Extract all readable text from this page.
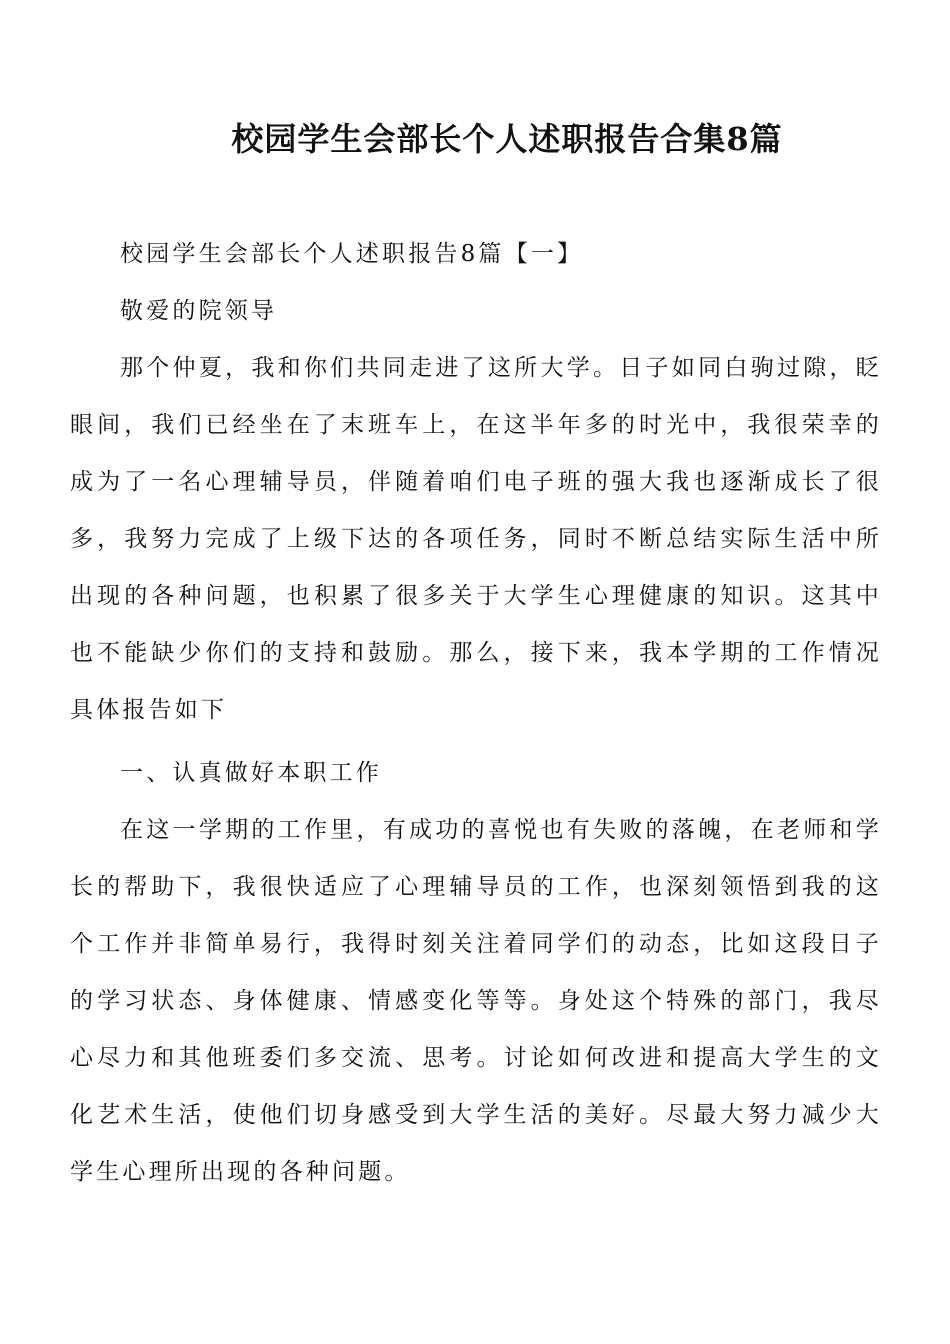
校园学生会部长个人述职报告合集8篇

校园学生会部长个人述职报告8篇【一】

敬爱的院领导

那个仲夏，我和你们共同走进了这所大学。日子如同白驹过隙，眨眼间，我们已经坐在了末班车上，在这半年多的时光中，我很荣幸的成为了一名心理辅导员，伴随着咱们电子班的强大我也逐渐成长了很多，我努力完成了上级下达的各项任务，同时不断总结实际生活中所出现的各种问题，也积累了很多关于大学生心理健康的知识。这其中也不能缺少你们的支持和鼓励。那么，接下来，我本学期的工作情况具体报告如下

一、认真做好本职工作

在这一学期的工作里，有成功的喜悦也有失败的落魄，在老师和学长的帮助下，我很快适应了心理辅导员的工作，也深刻领悟到我的这个工作并非简单易行，我得时刻关注着同学们的动态，比如这段日子的学习状态、身体健康、情感变化等等。身处这个特殊的部门，我尽心尽力和其他班委们多交流、思考。讨论如何改进和提高大学生的文化艺术生活，使他们切身感受到大学生活的美好。尽最大努力减少大学生心理所出现的各种问题。
